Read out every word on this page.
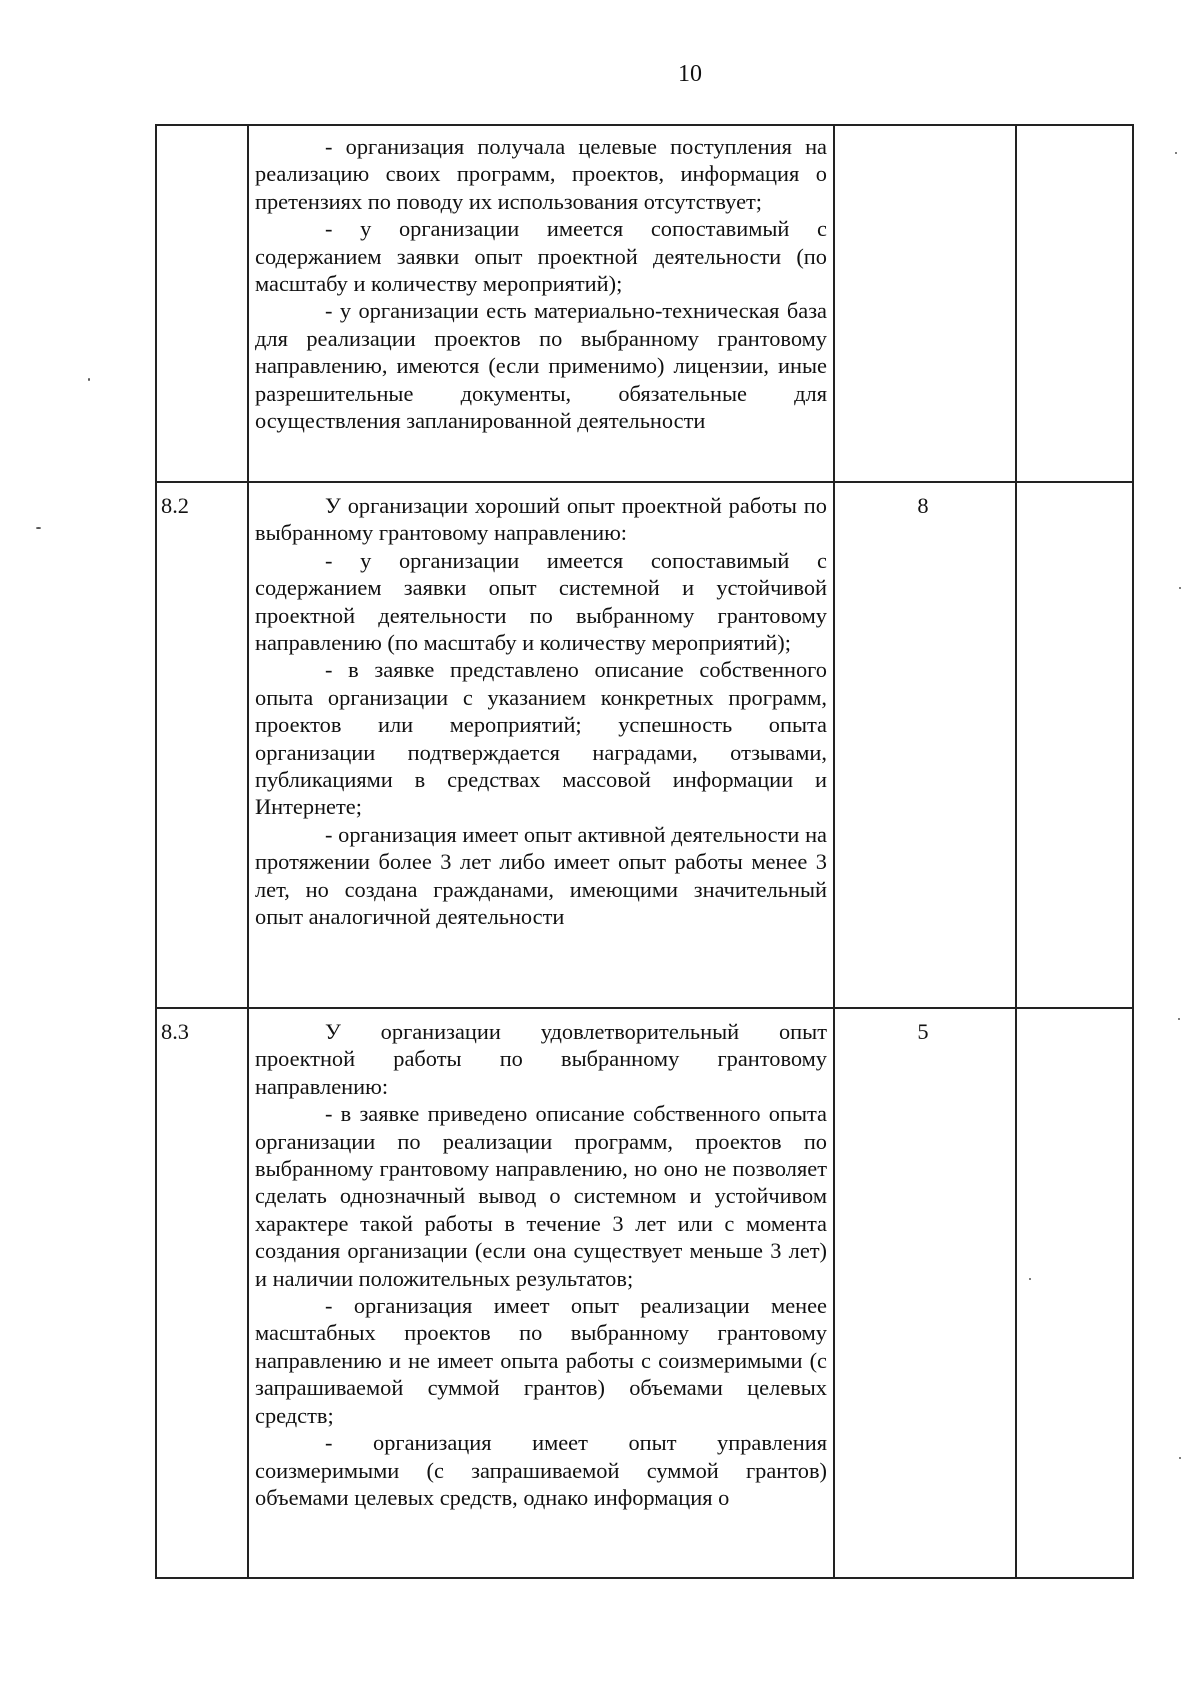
10

- организация получала целевые поступления на реализацию своих программ, проектов, информация о претензиях по поводу их использования отсутствует;

- у организации имеется сопоставимый с содержанием заявки опыт проектной деятельности (по масштабу и количеству мероприятий);

- у организации есть материально-техническая база для реализации проектов по выбранному грантовому направлению, имеются (если применимо) лицензии, иные разрешительные документы, обязательные для осуществления запланированной деятельности

8.2	8

У организации хороший опыт проектной работы по выбранному грантовому направлению:

- у организации имеется сопоставимый с содержанием заявки опыт системной и устойчивой проектной деятельности по выбранному грантовому направлению (по масштабу и количеству мероприятий);

- в заявке представлено описание собственного опыта организации с указанием конкретных программ, проектов или мероприятий; успешность опыта организации подтверждается наградами, отзывами, публикациями в средствах массовой информации и Интернете;

- организация имеет опыт активной деятельности на протяжении более 3 лет либо имеет опыт работы менее 3 лет, но создана гражданами, имеющими значительный опыт аналогичной деятельности

8.3	5

У организации удовлетворительный опыт проектной работы по выбранному грантовому направлению:

- в заявке приведено описание собственного опыта организации по реализации программ, проектов по выбранному грантовому направлению, но оно не позволяет сделать однозначный вывод о системном и устойчивом характере такой работы в течение 3 лет или с момента создания организации (если она существует меньше 3 лет) и наличии положительных результатов;

- организация имеет опыт реализации менее масштабных проектов по выбранному грантовому направлению и не имеет опыта работы с соизмеримыми (с запрашиваемой суммой грантов) объемами целевых средств;

- организация имеет опыт управления соизмеримыми (с запрашиваемой суммой грантов) объемами целевых средств, однако информация о
